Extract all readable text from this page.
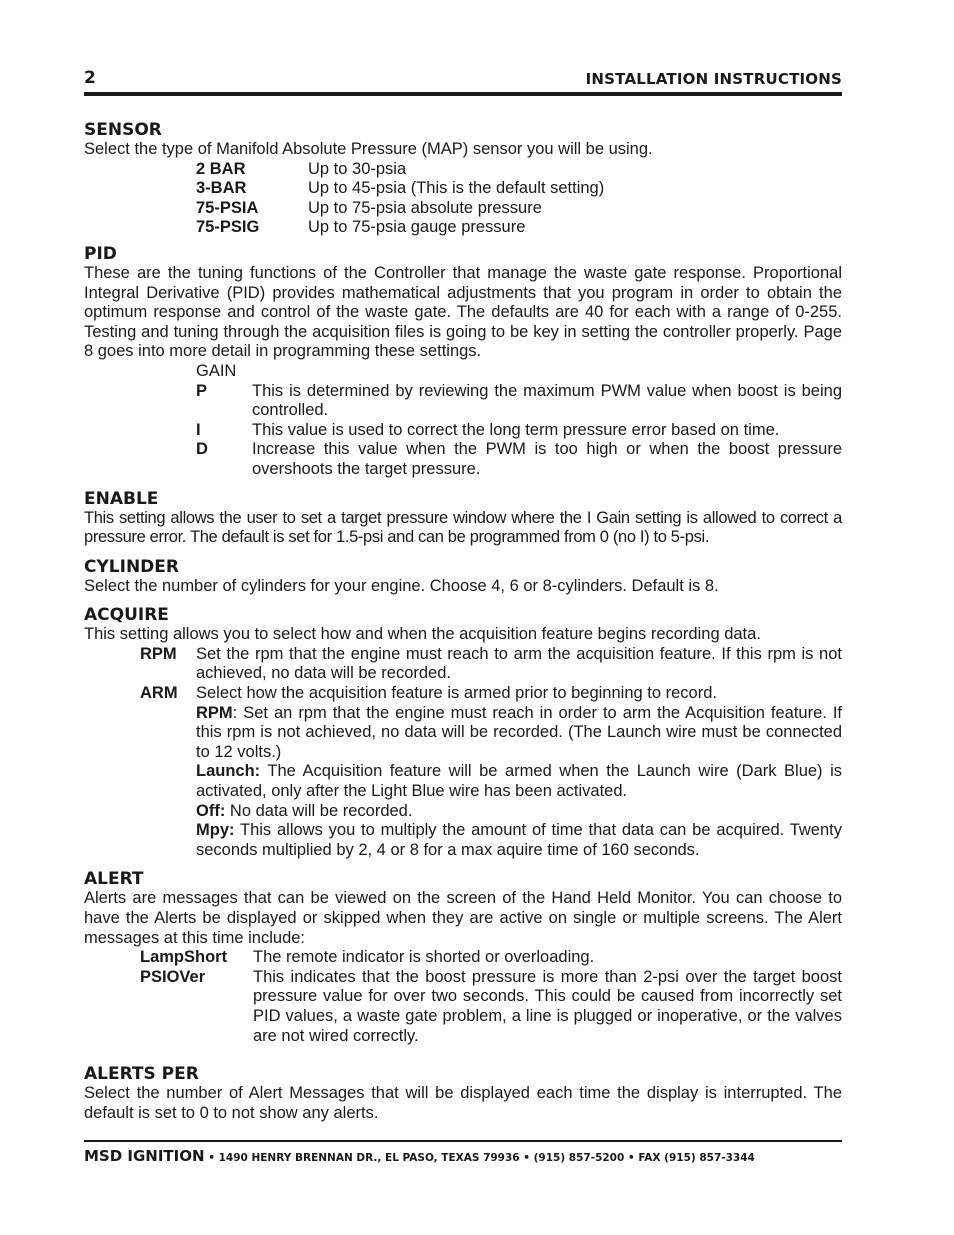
2	INSTALLATION INSTRUCTIONS
SENSOR

Select the type of Manifold Absolute Pressure (MAP) sensor you will be using.

2 BAR	Up to 30-psia
3-BAR	Up to 45-psia (This is the default setting)
75-PSIA	Up to 75-psia absolute pressure
75-PSIG	Up to 75-psia gauge pressure
PID

These are the tuning functions of the Controller that manage the waste gate response. Proportional Integral Derivative (PID) provides mathematical adjustments that you program in order to obtain the optimum response and control of the waste gate. The defaults are 40 for each with a range of 0-255. Testing and tuning through the acquisition files is going to be key in setting the controller properly. Page 8 goes into more detail in programming these settings.

GAIN
P	This is determined by reviewing the maximum PWM value when boost is being controlled.
I	This value is used to correct the long term pressure error based on time.
D	Increase this value when the PWM is too high or when the boost pressure overshoots the target pressure.
ENABLE

This setting allows the user to set a target pressure window where the I Gain setting is allowed to correct a pressure error. The default is set for 1.5-psi and can be programmed from 0 (no I) to 5-psi.

CYLINDER

Select the number of cylinders for your engine. Choose 4, 6 or 8-cylinders. Default is 8.

ACQUIRE

This setting allows you to select how and when the acquisition feature begins recording data.

RPM	Set the rpm that the engine must reach to arm the acquisition feature. If this rpm is not achieved, no data will be recorded.
ARM	Select how the acquisition feature is armed prior to beginning to record.
RPM: Set an rpm that the engine must reach in order to arm the Acquisition feature. If this rpm is not achieved, no data will be recorded. (The Launch wire must be connected to 12 volts.)
Launch: The Acquisition feature will be armed when the Launch wire (Dark Blue) is activated, only after the Light Blue wire has been activated.
Off: No data will be recorded.
Mpy: This allows you to multiply the amount of time that data can be acquired. Twenty seconds multiplied by 2, 4 or 8 for a max aquire time of 160 seconds.
ALERT

Alerts are messages that can be viewed on the screen of the Hand Held Monitor. You can choose to have the Alerts be displayed or skipped when they are active on single or multiple screens. The Alert messages at this time include:

LampShort	The remote indicator is shorted or overloading.
PSIOVer	This indicates that the boost pressure is more than 2-psi over the target boost pressure value for over two seconds. This could be caused from incorrectly set PID values, a waste gate problem, a line is plugged or inoperative, or the valves are not wired correctly.
ALERTS PER

Select the number of Alert Messages that will be displayed each time the display is interrupted. The default is set to 0 to not show any alerts.

MSD IGNITION • 1490 HENRY BRENNAN DR., EL PASO, TEXAS 79936 • (915) 857-5200 • FAX (915) 857-3344
